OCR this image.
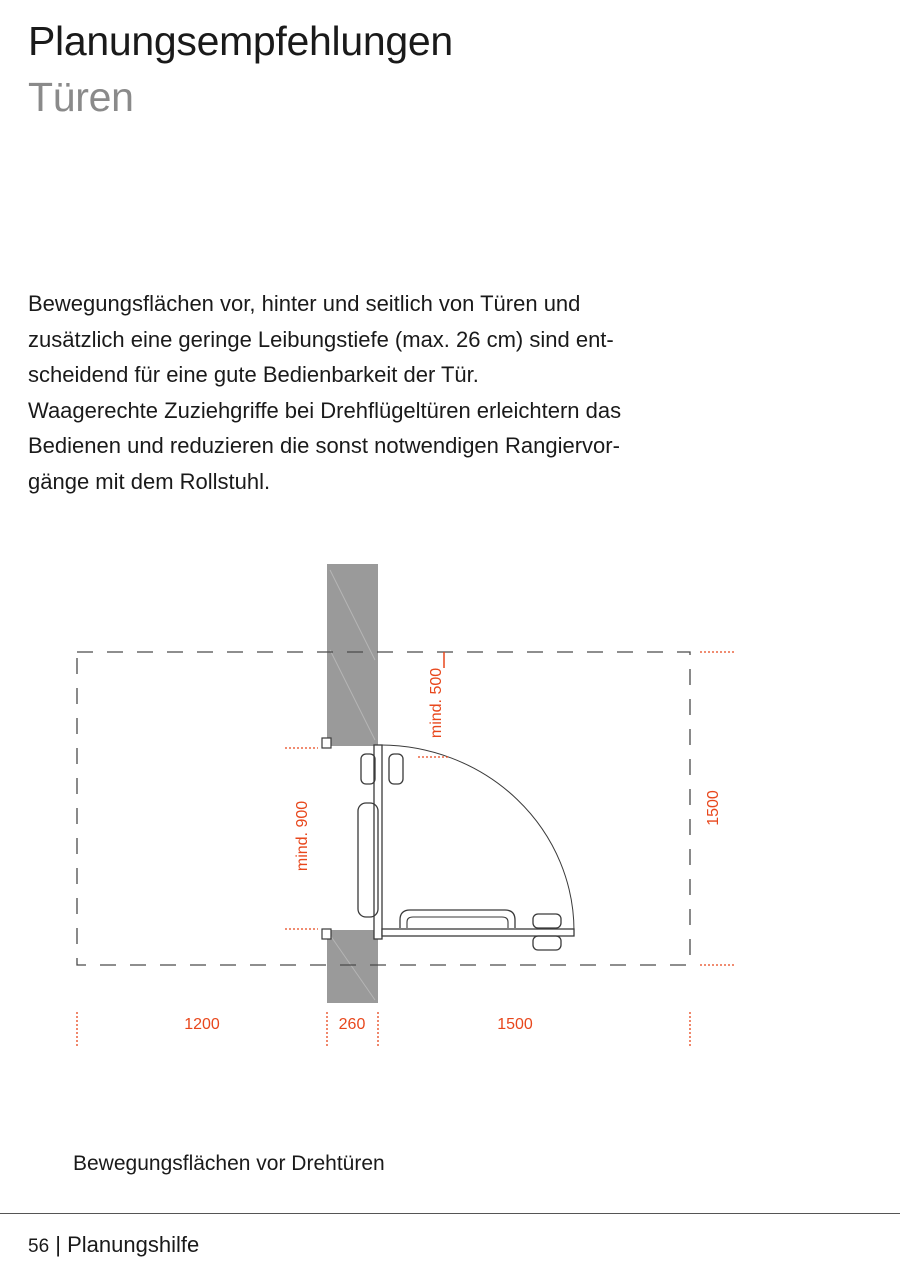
Planungsempfehlungen
Türen
Bewegungsflächen vor, hinter und seitlich von Türen und
zusätzlich eine geringe Leibungstiefe (max. 26 cm) sind ent-
scheidend für eine gute Bedienbarkeit der Tür.
Waagerechte Zuziehgriffe bei Drehflügeltüren erleichtern das
Bedienen und reduzieren die sonst notwendigen Rangiervor-
gänge mit dem Rollstuhl.
1200	260	1500
1500
mind. 900
mind. 500
Bewegungsflächen vor Drehtüren
56 | Planungshilfe
